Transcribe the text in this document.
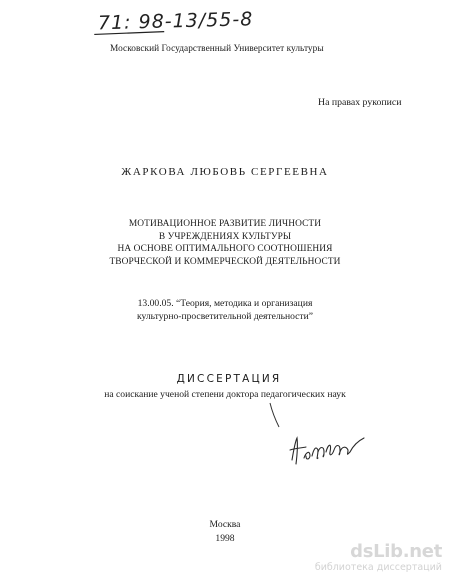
71: 98-13/55-8
Московский Государственный Университет культуры
На правах рукописи
ЖАРКОВА ЛЮБОВЬ СЕРГЕЕВНА
МОТИВАЦИОННОЕ РАЗВИТИЕ ЛИЧНОСТИ
В УЧРЕЖДЕНИЯХ КУЛЬТУРЫ
НА ОСНОВЕ ОПТИМАЛЬНОГО СООТНОШЕНИЯ
ТВОРЧЕСКОЙ И КОММЕРЧЕСКОЙ ДЕЯТЕЛЬНОСТИ
13.00.05. “Теория, методика и организация
культурно-просветительной деятельности”
ДИССЕРТАЦИЯ
на соискание ученой степени доктора педагогических наук
Москва
1998
dsLib.net
библиотека диссертаций
